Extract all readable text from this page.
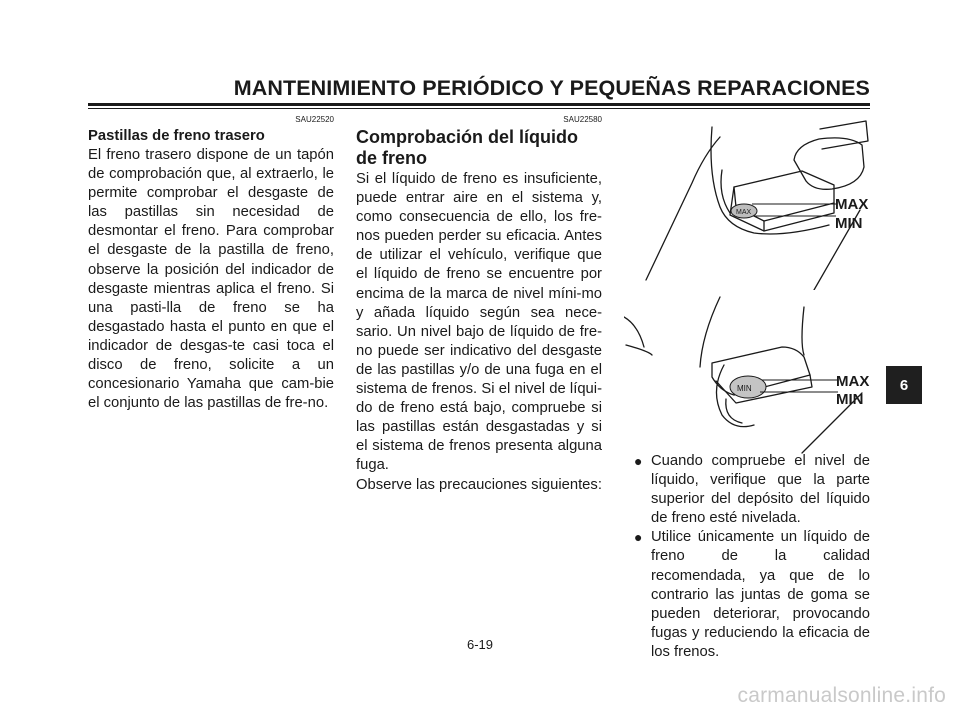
MANTENIMIENTO PERIÓDICO Y PEQUEÑAS REPARACIONES
SAU22520
Pastillas de freno trasero

El freno trasero dispone de un tapón de comprobación que, al extraerlo, le permite comprobar el desgaste de las pastillas sin necesidad de desmontar el freno. Para comprobar el desgaste de la pastilla de freno, observe la posición del indicador de desgaste mientras aplica el freno. Si una pasti-lla de freno se ha desgastado hasta el punto en que el indicador de desgas-te casi toca el disco de freno, solicite a un concesionario Yamaha que cam-bie el conjunto de las pastillas de fre-no.

SAU22580
Comprobación del líquido de freno

Si el líquido de freno es insuficiente, puede entrar aire en el sistema y, como consecuencia de ello, los fre-nos pueden perder su eficacia. Antes de utilizar el vehículo, verifique que el líquido de freno se encuentre por encima de la marca de nivel míni-mo y añada líquido según sea nece-sario. Un nivel bajo de líquido de fre-no puede ser indicativo del desgaste de las pastillas y/o de una fuga en el sistema de frenos. Si el nivel de líqui-do de freno está bajo, compruebe si las pastillas están desgastadas y si el sistema de frenos presenta alguna fuga.

Observe las precauciones siguientes:

MAX	MAX
MIN
MIN	MAX
MIN
● Cuando compruebe el nivel de líquido, verifique que la parte superior del depósito del líquido de freno esté nivelada.
● Utilice únicamente un líquido de freno de la calidad recomendada, ya que de lo contrario las juntas de goma se pueden deteriorar, provocando fugas y reduciendo la eficacia de los frenos.
6
6-19
carmanualsonline.info
